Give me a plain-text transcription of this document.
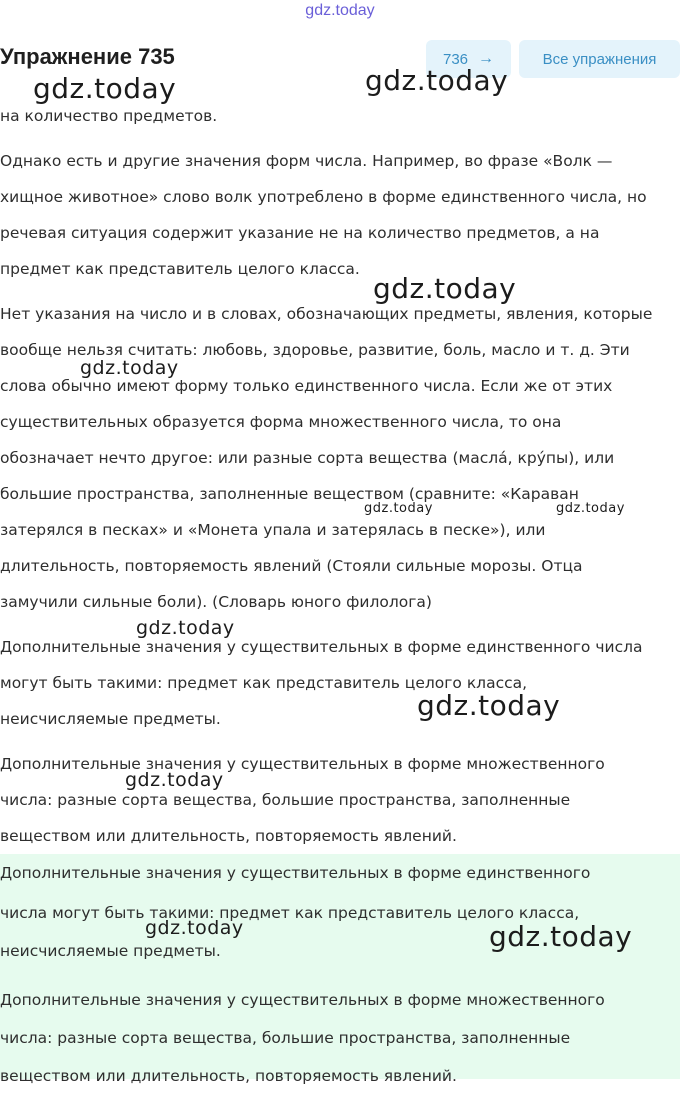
gdz.today
Упражнение 735	736 →	Все упражнения

на количество предметов.

Однако есть и другие значения форм числа. Например, во фразе «Волк —

хищное животное» слово волк употреблено в форме единственного числа, но

речевая ситуация содержит указание не на количество предметов, а на

предмет как представитель целого класса.

Нет указания на число и в словах, обозначающих предметы, явления, которые

вообще нельзя считать: любовь, здоровье, развитие, боль, масло и т. д. Эти

слова обычно имеют форму только единственного числа. Если же от этих

существительных образуется форма множественного числа, то она

обозначает нечто другое: или разные сорта вещества (масла́, кру́пы), или

большие пространства, заполненные веществом (сравните: «Караван

затерялся в песках» и «Монета упала и затерялась в песке»), или

длительность, повторяемость явлений (Стояли сильные морозы. Отца

замучили сильные боли). (Словарь юного филолога)

Дополнительные значения у существительных в форме единственного числа

могут быть такими: предмет как представитель целого класса,

неисчисляемые предметы.

Дополнительные значения у существительных в форме множественного

числа: разные сорта вещества, большие пространства, заполненные

веществом или длительность, повторяемость явлений.

Дополнительные значения у существительных в форме единственного

числа могут быть такими: предмет как представитель целого класса,

неисчисляемые предметы.

Дополнительные значения у существительных в форме множественного

числа: разные сорта вещества, большие пространства, заполненные

веществом или длительность, повторяемость явлений.

gdz.today	gdz.today
gdz.today
gdz.today
gdz.today	gdz.today
gdz.today
gdz.today
gdz.today
gdz.today	gdz.today
